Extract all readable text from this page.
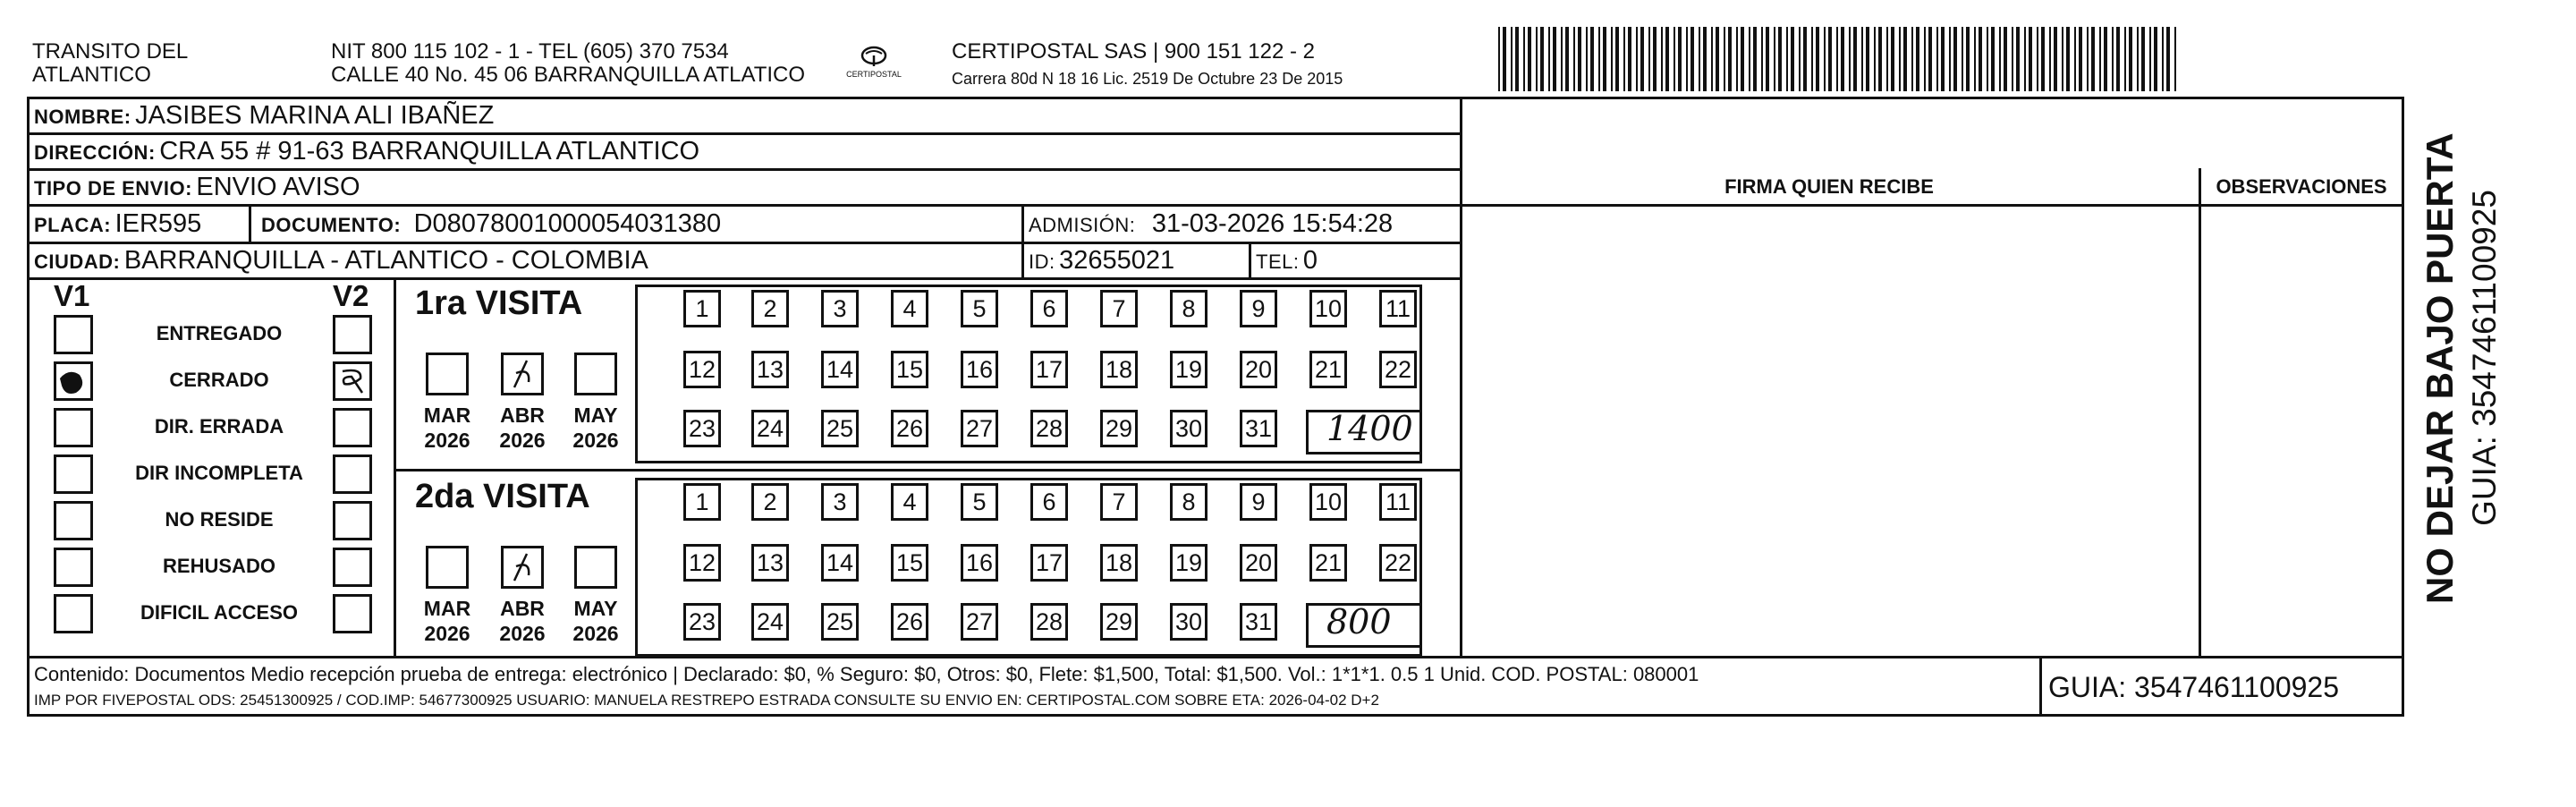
TRANSITO DEL
ATLANTICO
NIT 800 115 102 - 1 - TEL (605) 370 7534
CALLE 40 No. 45 06 BARRANQUILLA ATLATICO	CERTIPOSTAL
CERTIPOSTAL SAS | 900 151 122 - 2
Carrera 80d N 18 16 Lic. 2519 De Octubre 23 De 2015
NOMBRE: JASIBES MARINA ALI IBAÑEZ
DIRECCIÓN: CRA 55 # 91-63 BARRANQUILLA ATLANTICO
TIPO DE ENVIO: ENVIO AVISO
PLACA: IER595	DOCUMENTO: D08078001000054031380	ADMISIÓN: 31-03-2026 15:54:28
CIUDAD: BARRANQUILLA - ATLANTICO - COLOMBIA	ID: 32655021	TEL: 0
FIRMA QUIEN RECIBE	OBSERVACIONES
V1	V2
ENTREGADO
CERRADO
DIR. ERRADA
DIR INCOMPLETA
NO RESIDE
REHUSADO
DIFICIL ACCESO
1ra VISITA
MAR
2026
ABR
2026
MAY
2026
1	2	3	4	5	6	7	8	9	10 11
12 13 14 15 16 17 18 19 20 21 22
23 24 25 26 27 28 29 30 31 1400
2da VISITA
MAR
2026
ABR
2026
MAY
2026
1	2	3	4	5	6	7	8	9	10 11
12 13 14 15 16 17 18 19 20 21 22
23 24 25 26 27 28 29 30 31 800
Contenido: Documentos Medio recepción prueba de entrega: electrónico | Declarado: $0, % Seguro: $0, Otros: $0, Flete: $1,500, Total: $1,500. Vol.: 1*1*1. 0.5 1 Unid. COD. POSTAL: 080001
IMP POR FIVEPOSTAL ODS: 25451300925 / COD.IMP: 54677300925 USUARIO: MANUELA RESTREPO ESTRADA CONSULTE SU ENVIO EN: CERTIPOSTAL.COM SOBRE ETA: 2026-04-02 D+2	GUIA: 3547461100925
NO DEJAR BAJO PUERTA GUIA: 3547461100925
